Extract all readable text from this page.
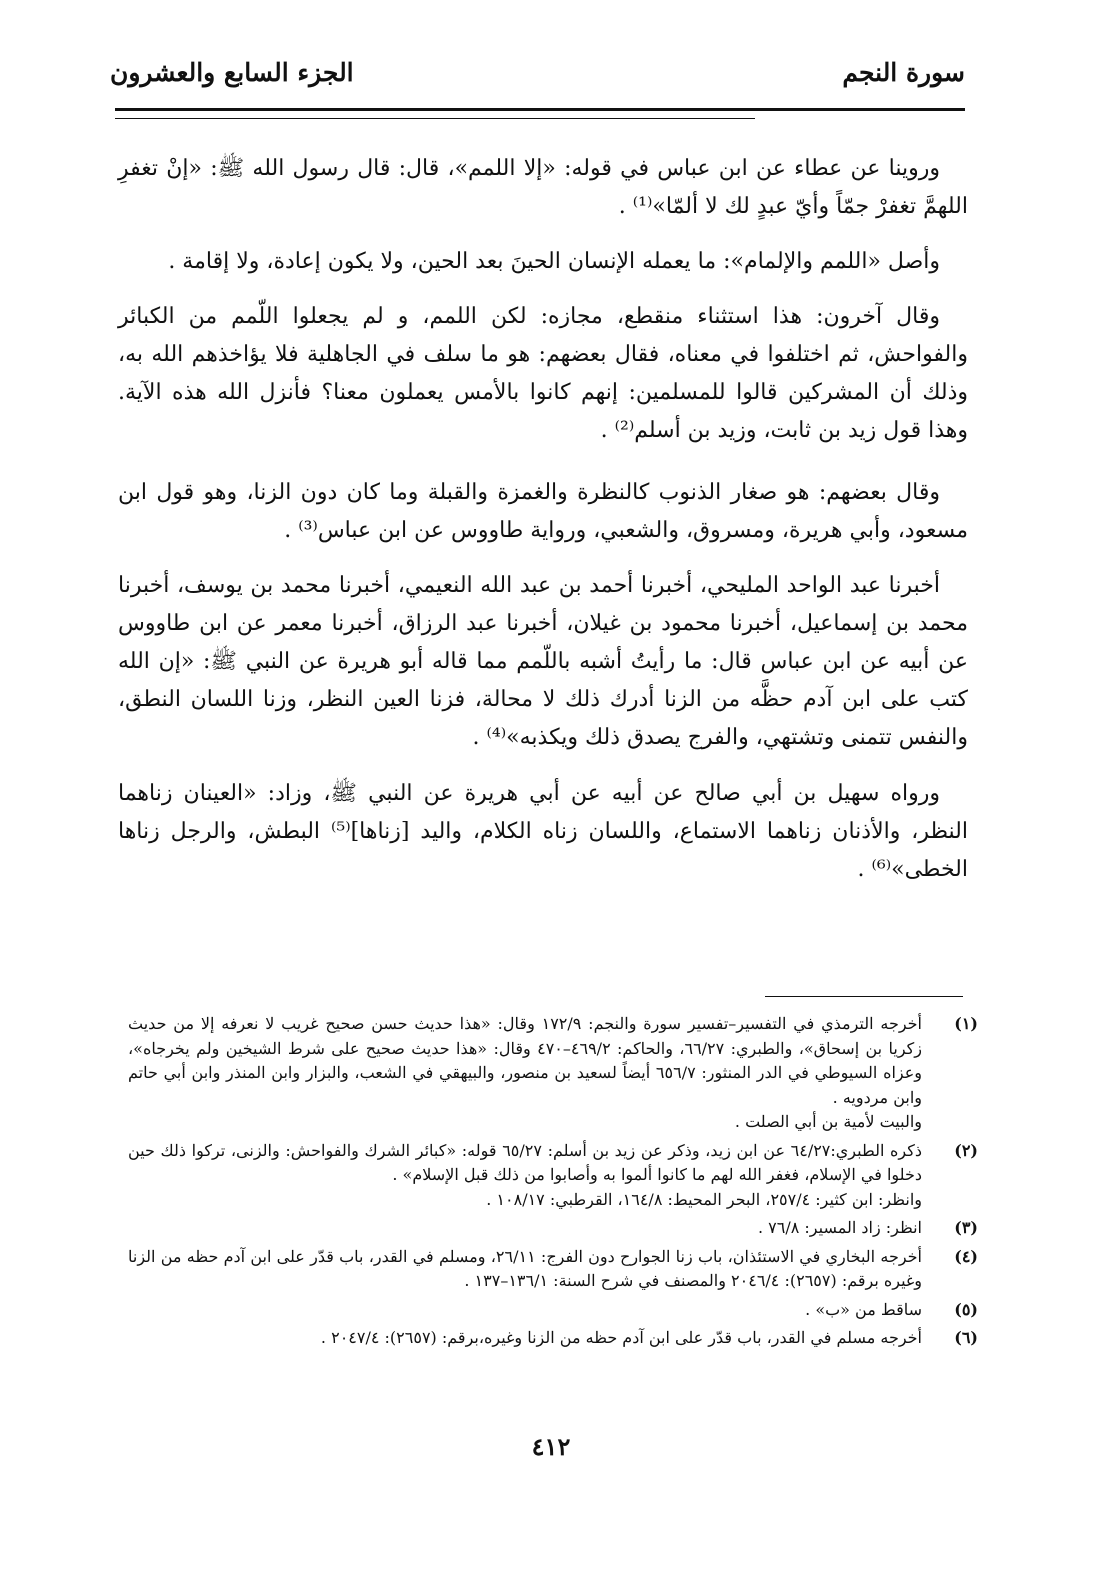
سورة النجم
الجزء السابع والعشرون

وروينا عن عطاء عن ابن عباس في قوله: «إلا اللمم»، قال: قال رسول الله ﷺ: «إنْ تغفرِ اللهمَّ تغفرْ جمّاً وأيّ عبدٍ لك لا ألمّا»⁽¹⁾ .

وأصل «اللمم والإلمام»: ما يعمله الإنسان الحينَ بعد الحين، ولا يكون إعادة، ولا إقامة .

وقال آخرون: هذا استثناء منقطع، مجازه: لكن اللمم، و لم يجعلوا اللّمم من الكبائر والفواحش، ثم اختلفوا في معناه، فقال بعضهم: هو ما سلف في الجاهلية فلا يؤاخذهم الله به، وذلك أن المشركين قالوا للمسلمين: إنهم كانوا بالأمس يعملون معنا؟ فأنزل الله هذه الآية. وهذا قول زيد بن ثابت، وزيد بن أسلم⁽²⁾ .

وقال بعضهم: هو صغار الذنوب كالنظرة والغمزة والقبلة وما كان دون الزنا، وهو قول ابن مسعود، وأبي هريرة، ومسروق، والشعبي، ورواية طاووس عن ابن عباس⁽³⁾ .

أخبرنا عبد الواحد المليحي، أخبرنا أحمد بن عبد الله النعيمي، أخبرنا محمد بن يوسف، أخبرنا محمد بن إسماعيل، أخبرنا محمود بن غيلان، أخبرنا عبد الرزاق، أخبرنا معمر عن ابن طاووس عن أبيه عن ابن عباس قال: ما رأيتُ أشبه باللّمم مما قاله أبو هريرة عن النبي ﷺ: «إن الله كتب على ابن آدم حظَّه من الزنا أدرك ذلك لا محالة، فزنا العين النظر، وزنا اللسان النطق، والنفس تتمنى وتشتهي، والفرج يصدق ذلك ويكذبه»⁽⁴⁾ .

ورواه سهيل بن أبي صالح عن أبيه عن أبي هريرة عن النبي ﷺ، وزاد: «العينان زناهما النظر، والأذنان زناهما الاستماع، واللسان زناه الكلام، واليد [زناها]⁽⁵⁾ البطش، والرجل زناها الخطى»⁽⁶⁾ .

(١)
أخرجه الترمذي في التفسير–تفسير سورة والنجم: ١٧٢/٩ وقال: «هذا حديث حسن صحيح غريب لا نعرفه إلا من حديث زكريا بن إسحاق»، والطبري: ٦٦/٢٧، والحاكم: ٤٦٩/٢–٤٧٠ وقال: «هذا حديث صحيح على شرط الشيخين ولم يخرجاه»، وعزاه السيوطي في الدر المنثور: ٦٥٦/٧ أيضاً لسعيد بن منصور، والبيهقي في الشعب، والبزار وابن المنذر وابن أبي حاتم وابن مردويه .
والبيت لأمية بن أبي الصلت .
(٢)
ذكره الطبري:٦٤/٢٧ عن ابن زيد، وذكر عن زيد بن أسلم: ٦٥/٢٧ قوله: «كبائر الشرك والفواحش: والزنى، تركوا ذلك حين دخلوا في الإسلام، فغفر الله لهم ما كانوا ألموا به وأصابوا من ذلك قبل الإسلام» .
وانظر: ابن كثير: ٢٥٧/٤، البحر المحيط: ١٦٤/٨، القرطبي: ١٠٨/١٧ .
(٣)
انظر: زاد المسير: ٧٦/٨ .
(٤)
أخرجه البخاري في الاستئذان، باب زنا الجوارح دون الفرج: ٢٦/١١، ومسلم في القدر، باب قدّر على ابن آدم حظه من الزنا وغيره برقم: (٢٦٥٧): ٢٠٤٦/٤ والمصنف في شرح السنة: ١٣٦/١–١٣٧ .
(٥)
ساقط من «ب» .
(٦)
أخرجه مسلم في القدر، باب قدّر على ابن آدم حظه من الزنا وغيره،برقم: (٢٦٥٧): ٢٠٤٧/٤ .
٤١٢
